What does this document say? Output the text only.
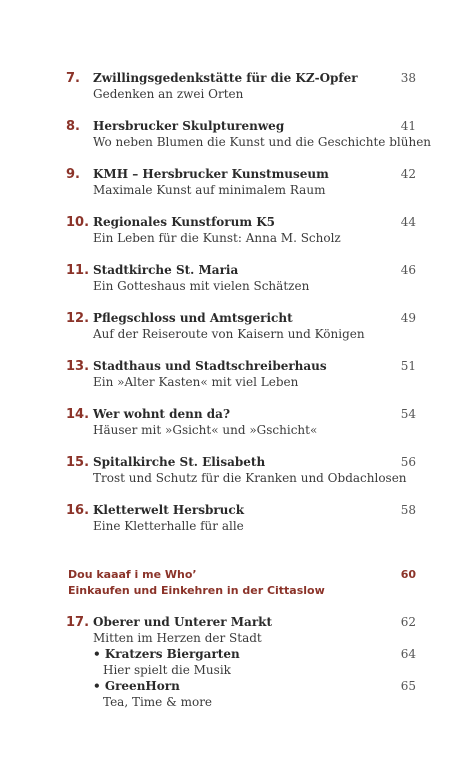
7. Zwillingsgedenkstätte für die KZ-Opfer
Gedenken an zwei Orten
38
8. Hersbrucker Skulpturenweg
Wo neben Blumen die Kunst und die Geschichte blühen
41
9. KMH – Hersbrucker Kunstmuseum
Maximale Kunst auf minimalem Raum
42
10. Regionales Kunstforum K5
Ein Leben für die Kunst: Anna M. Scholz
44
11. Stadtkirche St. Maria
Ein Gotteshaus mit vielen Schätzen
46
12. Pflegschloss und Amtsgericht
Auf der Reiseroute von Kaisern und Königen
49
13. Stadthaus und Stadtschreiberhaus
Ein »Alter Kasten« mit viel Leben
51
14. Wer wohnt denn da?
Häuser mit »Gsicht« und »Gschicht«
54
15. Spitalkirche St. Elisabeth
Trost und Schutz für die Kranken und Obdachlosen
56
16. Kletterwelt Hersbruck
Eine Kletterhalle für alle
58
Dou kaaaf i me Who’
Einkaufen und Einkehren in der Cittaslow
60
17. Oberer und Unterer Markt
Mitten im Herzen der Stadt
62
• Kratzers Biergarten
Hier spielt die Musik
64
• GreenHorn
Tea, Time & more
65
